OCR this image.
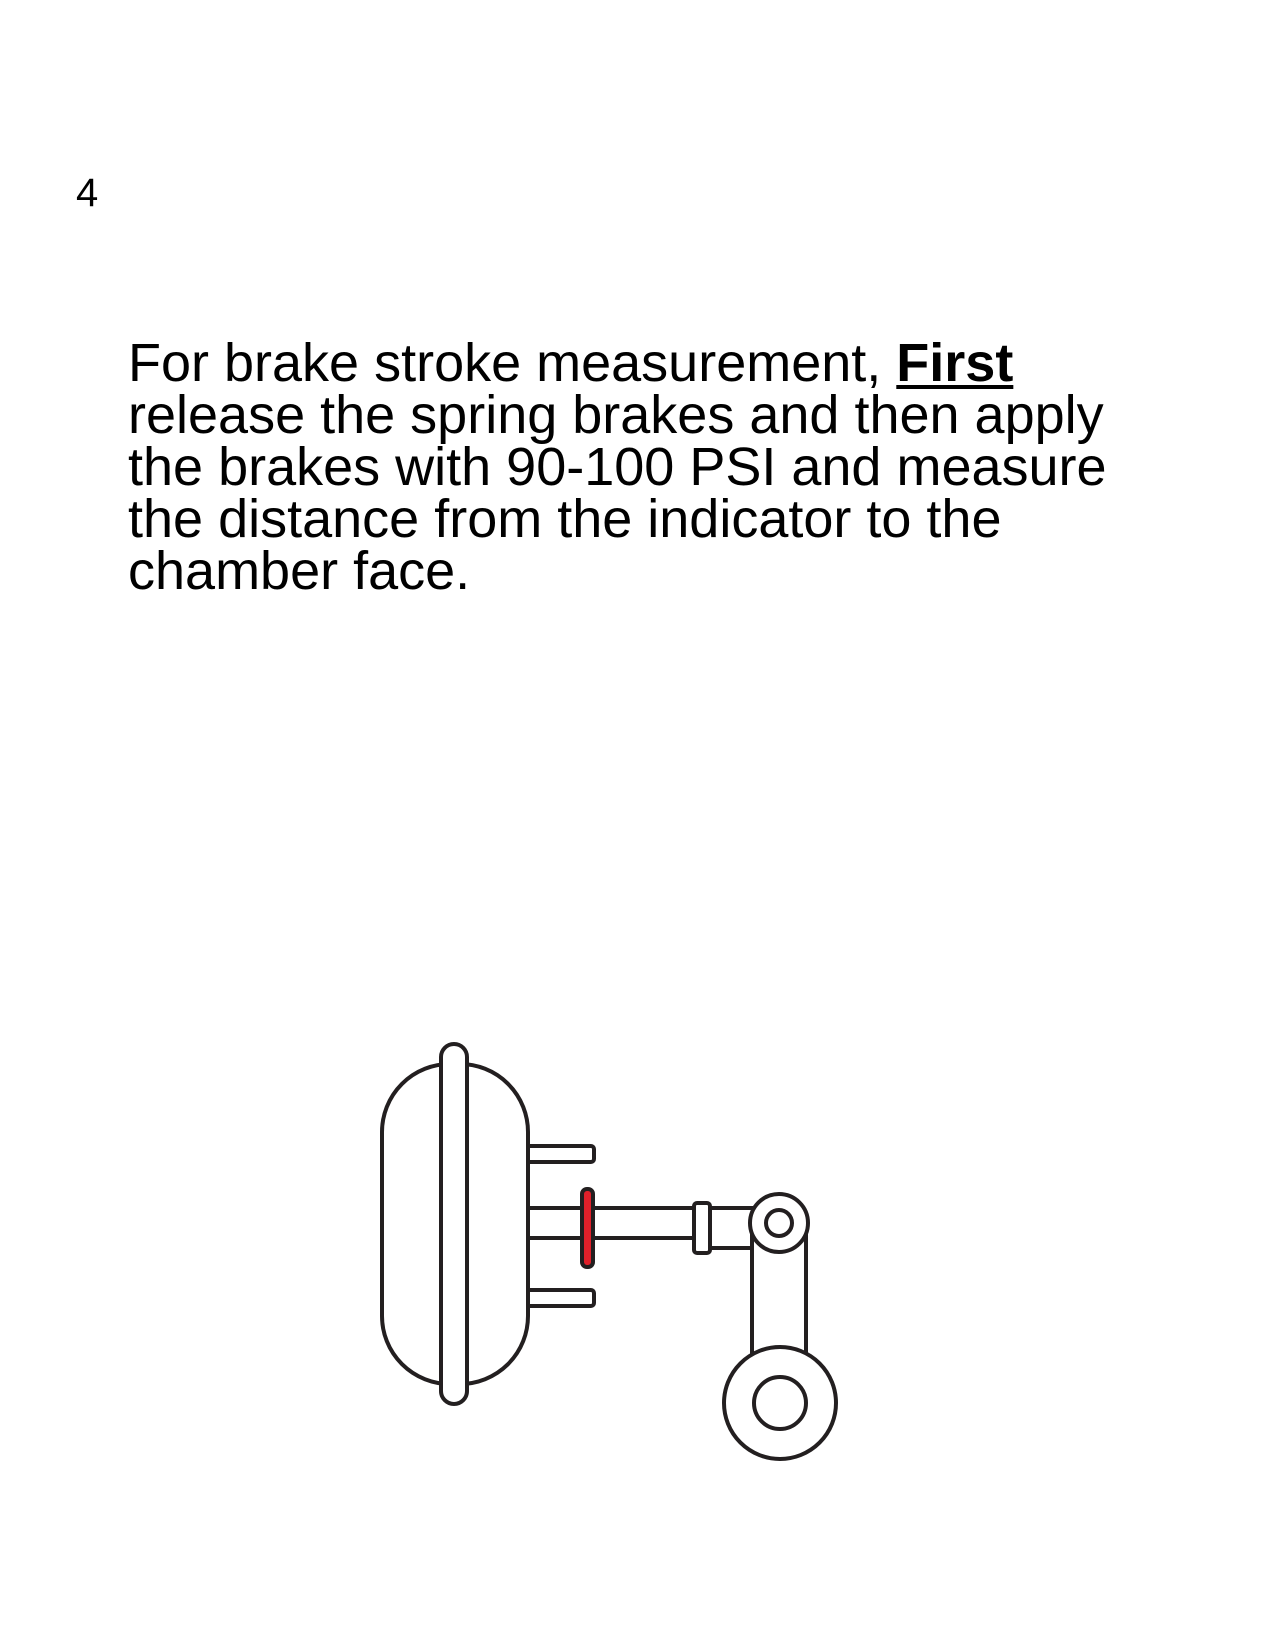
4

For brake stroke measurement, First release the spring brakes and then apply the brakes with 90-100 PSI and measure the distance from the indicator to the chamber face.
